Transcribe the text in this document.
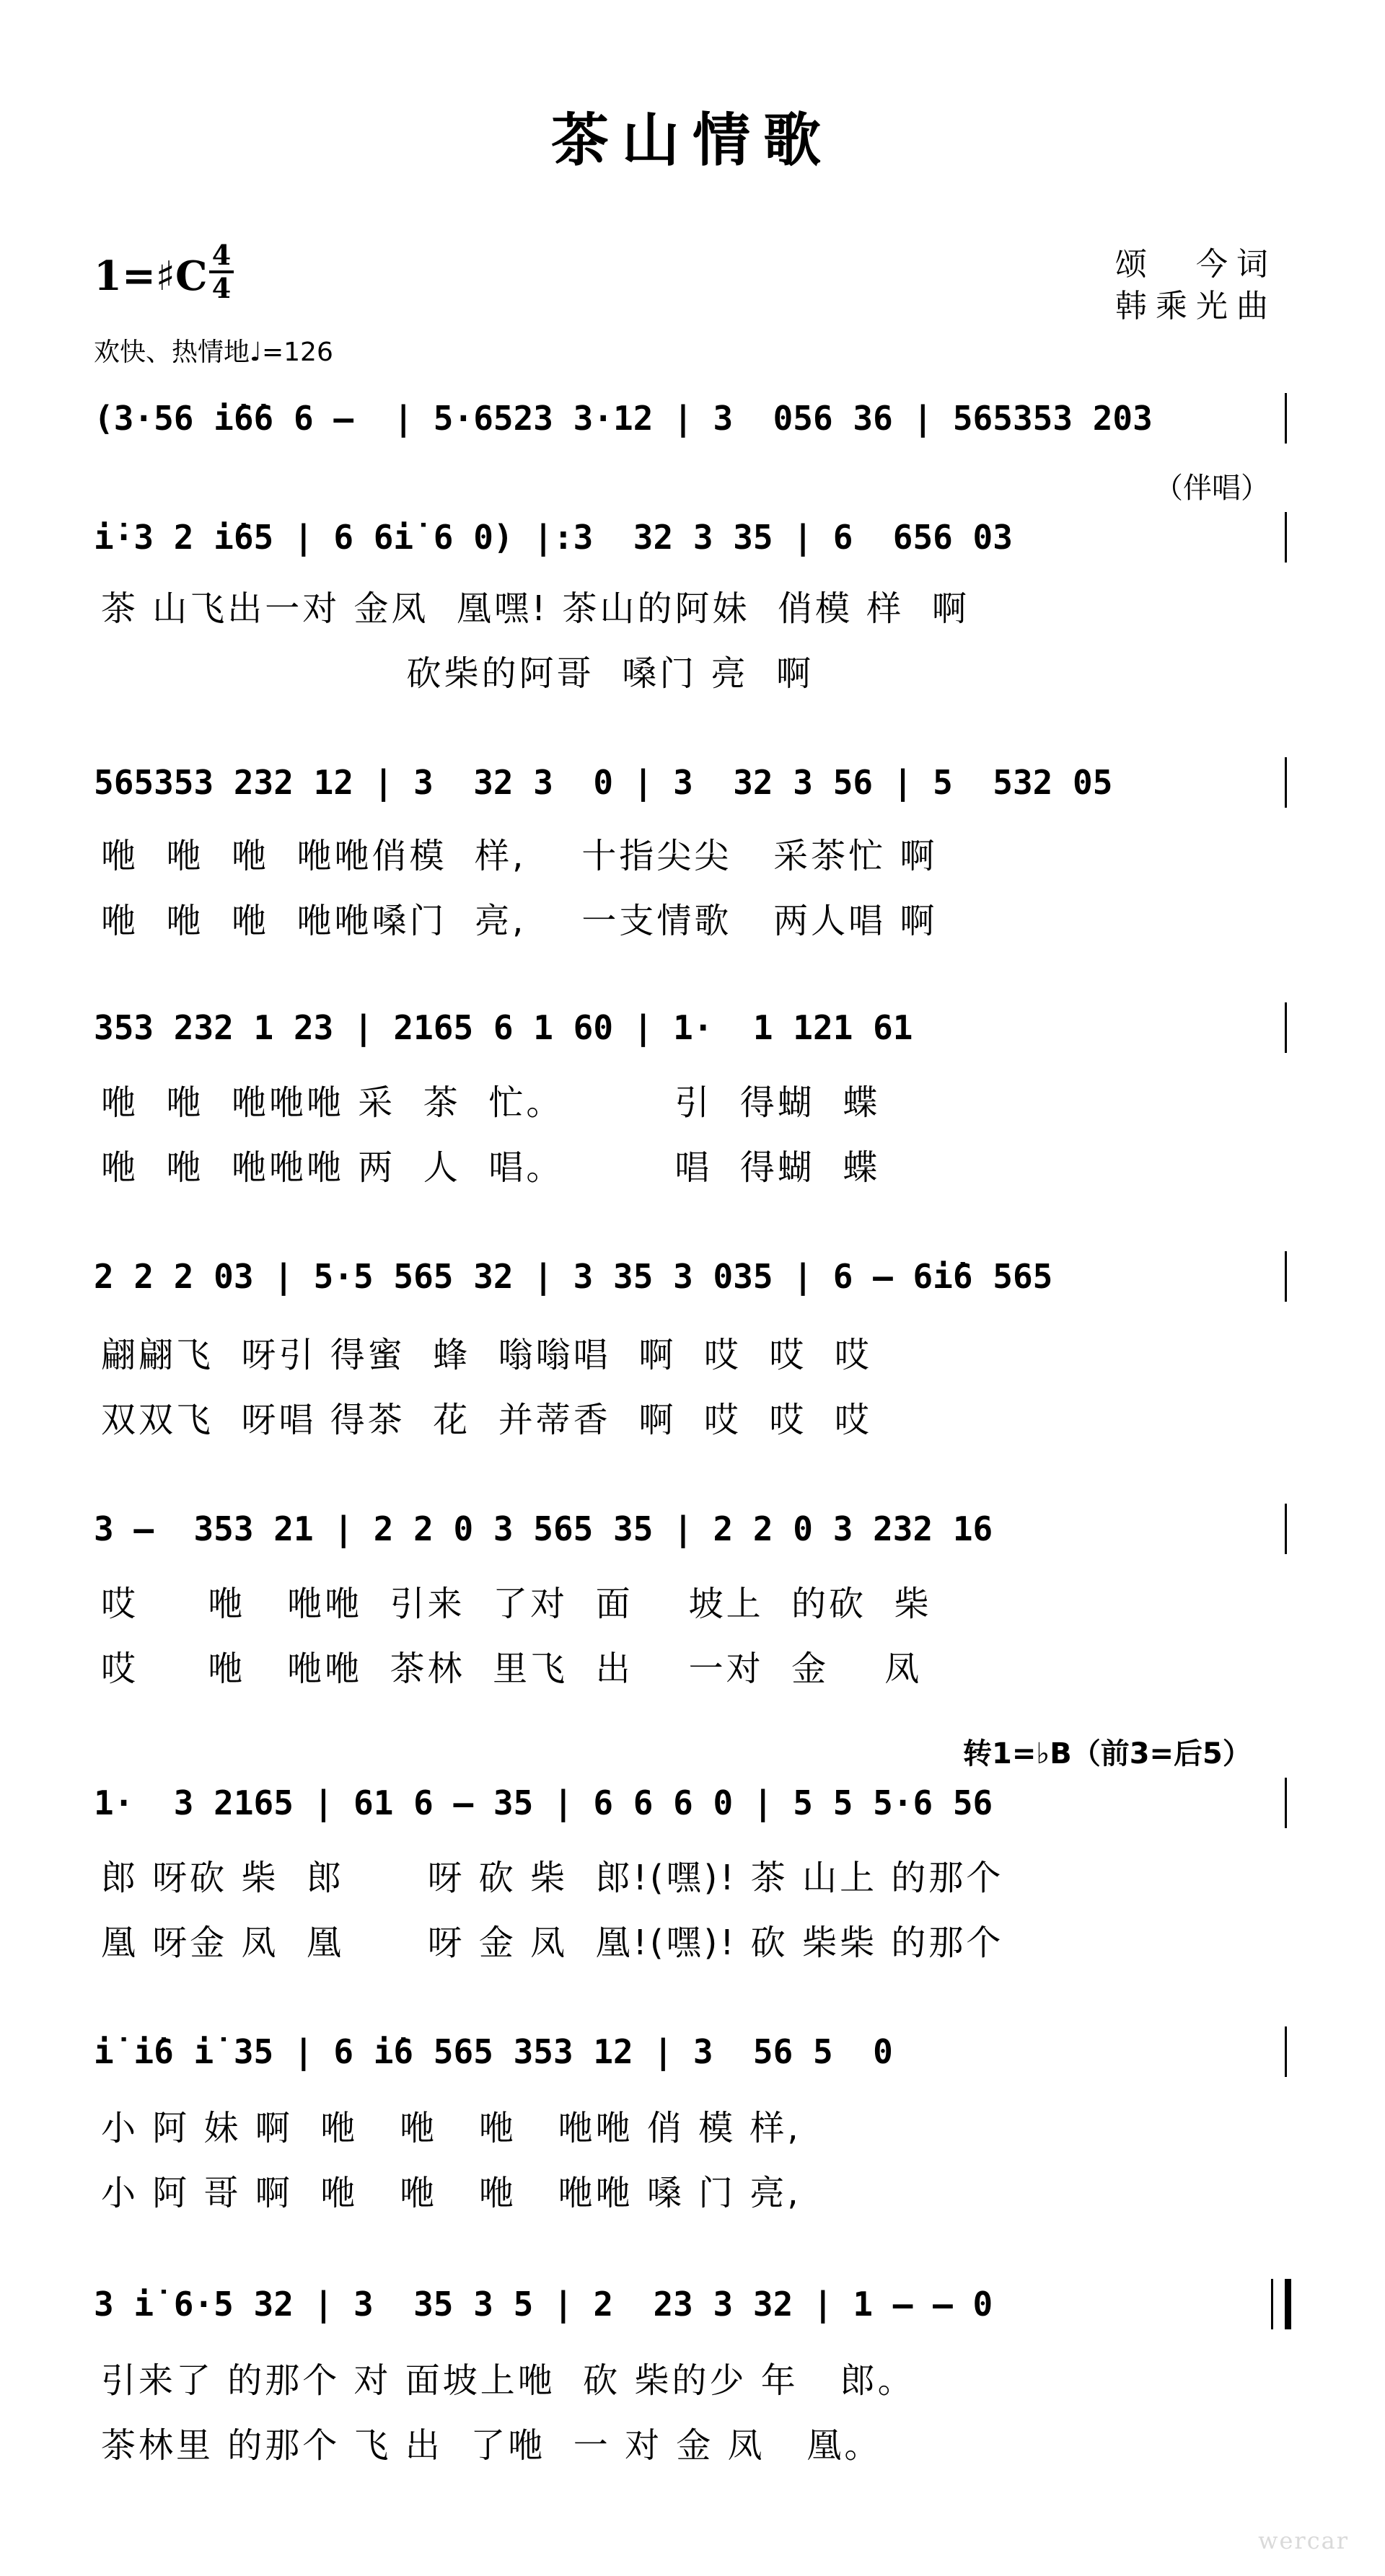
茶山情歌
颂　今词
韩乘光曲
1=♯C 4
4
欢快、热情地♩=126
(3·56 i̇6̇6 6 –  | 5·6523 3·12 | 3  056 36 | 565353 203
（伴唱）
i̇·3 2 i̇65 | 6 6i̇ 6 0) |:3  32 3 35 | 6  656 03
茶 山飞出一对 金凤  凰嘿! 茶山的阿妹  俏模 样  啊
砍柴的阿哥  嗓门 亮  啊
565353 232 12 | 3  32 3  0 | 3  32 3 56 | 5  532 05
咃  咃  咃  咃咃俏模  样,    十指尖尖   采茶忙 啊
咃  咃  咃  咃咃嗓门  亮,    一支情歌   两人唱 啊
353 232 1 23 | 2165 6 1 60 | 1·  1 121 61
咃  咃  咃咃咃 采  茶  忙。        引  得蝴  蝶
咃  咃  咃咃咃 两  人  唱。        唱  得蝴  蝶
2 2 2 03 | 5·5 565 32 | 3 35 3 035 | 6 – 6i̇6 565
翩翩飞  呀引 得蜜  蜂  嗡嗡唱  啊  哎  哎  哎
双双飞  呀唱 得茶  花  并蒂香  啊  哎  哎  哎
3 –  353 21 | 2 2 0 3 565 35 | 2 2 0 3 232 16
哎     咃   咃咃  引来  了对  面    坡上  的砍  柴
哎     咃   咃咃  茶林  里飞  出    一对  金    凤
转1=♭B（前3=后5）
1·  3 2165 | 61 6 – 35 | 6 6 6 0 | 5 5 5·6 56
郎 呀砍 柴  郎      呀 砍 柴  郎!(嘿)! 茶 山上 的那个
凰 呀金 凤  凰      呀 金 凤  凰!(嘿)! 砍 柴柴 的那个
i̇ i̇6 i̇ 35 | 6 i̇6 565 353 12 | 3  56 5  0
小 阿 妹 啊  咃   咃   咃   咃咃 俏 模 样,
小 阿 哥 啊  咃   咃   咃   咃咃 嗓 门 亮,
3 i̇ 6·5 32 | 3  35 3 5 | 2  23 3 32 | 1 – – 0
引来了 的那个 对 面坡上咃  砍 柴的少 年   郎。
茶林里 的那个 飞 出  了咃  一 对 金 凤   凰。
wercar
